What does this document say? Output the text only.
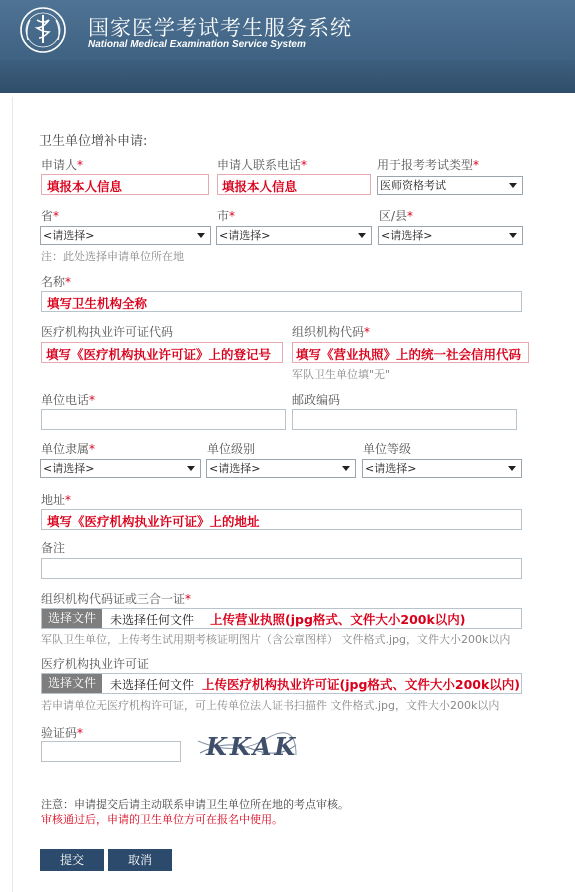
国家医学考试考生服务系统
National Medical Examination Service System
卫生单位增补申请:
申请人*
填报本人信息
申请人联系电话*
填报本人信息
用于报考考试类型*
医师资格考试
省*
<请选择>
市*
<请选择>
区/县*
<请选择>
注：此处选择申请单位所在地
名称*
填写卫生机构全称
医疗机构执业许可证代码
填写《医疗机构执业许可证》上的登记号
组织机构代码*
填写《营业执照》上的统一社会信用代码
军队卫生单位填"无"
单位电话*	邮政编码
单位隶属*
<请选择>
单位级别
<请选择>
单位等级
<请选择>
地址*
填写《医疗机构执业许可证》上的地址
备注
组织机构代码证或三合一证*
选择文件	未选择任何文件 上传营业执照(jpg格式、文件大小200k以内)
军队卫生单位，上传考生试用期考核证明图片（含公章图样） 文件格式.jpg，文件大小200k以内
医疗机构执业许可证
选择文件	未选择任何文件 上传医疗机构执业许可证(jpg格式、文件大小200k以内)
若申请单位无医疗机构许可证，可上传单位法人证书扫描件 文件格式.jpg，文件大小200k以内
验证码*	KKAK
注意：申请提交后请主动联系申请卫生单位所在地的考点审核。
审核通过后，申请的卫生单位方可在报名中使用。
提交	取消
